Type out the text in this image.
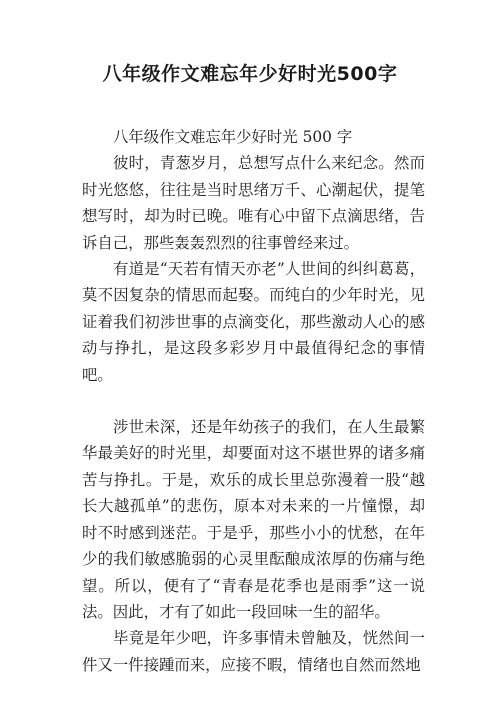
八年级作文难忘年少好时光500字

八年级作文难忘年少好时光 500 字

彼时，青葱岁月，总想写点什么来纪念。然而时光悠悠，往往是当时思绪万千、心潮起伏，提笔想写时，却为时已晚。唯有心中留下点滴思绪，告诉自己，那些轰轰烈烈的往事曾经来过。

有道是“天若有情天亦老”人世间的纠纠葛葛，莫不因复杂的情思而起娶。而纯白的少年时光，见证着我们初涉世事的点滴变化，那些激动人心的感动与挣扎，是这段多彩岁月中最值得纪念的事情吧。

涉世未深，还是年幼孩子的我们，在人生最繁华最美好的时光里，却要面对这不堪世界的诸多痛苦与挣扎。于是，欢乐的成长里总弥漫着一股“越长大越孤单”的悲伤，原本对未来的一片憧憬，却时不时感到迷茫。于是乎，那些小小的忧愁，在年少的我们敏感脆弱的心灵里酝酿成浓厚的伤痛与绝望。所以，便有了“青春是花季也是雨季”这一说法。因此，才有了如此一段回味一生的韶华。

毕竟是年少吧，许多事情未曾触及，恍然间一件又一件接踵而来，应接不暇，情绪也自然而然地
